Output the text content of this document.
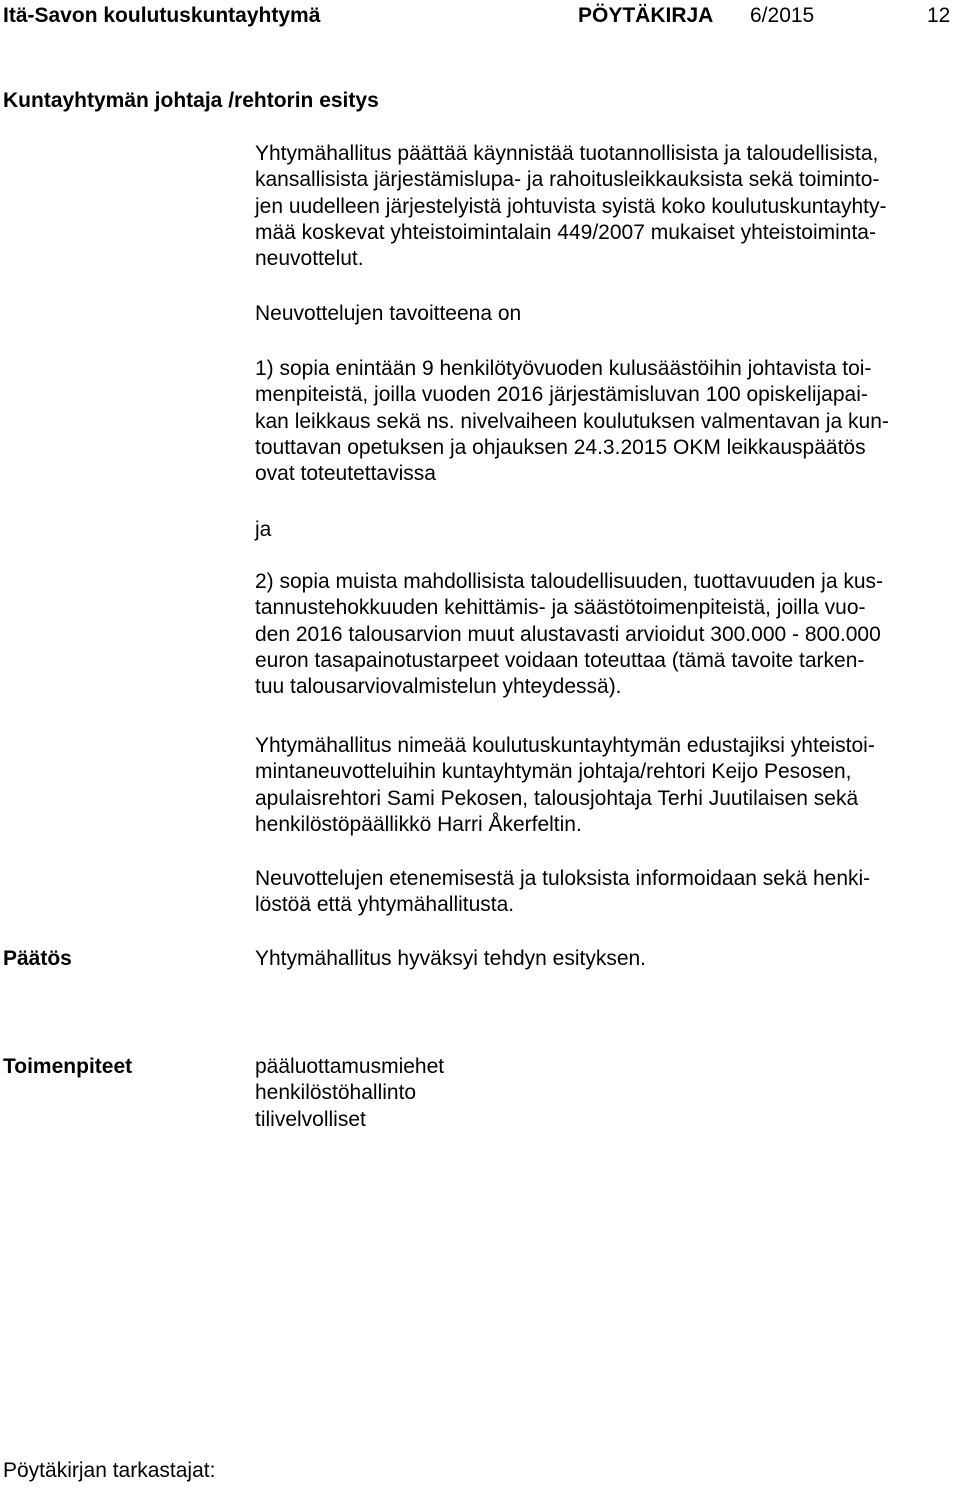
Itä-Savon koulutuskuntayhtymä	PÖYTÄKIRJA 6/2015	12
Kuntayhtymän johtaja /rehtorin esitys
Yhtymähallitus päättää käynnistää tuotannollisista ja taloudellisista,
kansallisista järjestämislupa- ja rahoitusleikkauksista sekä toiminto-
jen uudelleen järjestelyistä johtuvista syistä koko koulutuskuntayhty-
mää koskevat yhteistoimintalain 449/2007 mukaiset yhteistoiminta-
neuvottelut.
Neuvottelujen tavoitteena on
1) sopia enintään 9 henkilötyövuoden kulusäästöihin johtavista toi-
menpiteistä, joilla vuoden 2016 järjestämisluvan 100 opiskelijapai-
kan leikkaus sekä ns. nivelvaiheen koulutuksen valmentavan ja kun-
touttavan opetuksen ja ohjauksen 24.3.2015 OKM leikkauspäätös
ovat toteutettavissa
ja
2) sopia muista mahdollisista taloudellisuuden, tuottavuuden ja kus-
tannustehokkuuden kehittämis- ja säästötoimenpiteistä, joilla vuo-
den 2016 talousarvion muut alustavasti arvioidut 300.000 - 800.000
euron tasapainotustarpeet voidaan toteuttaa (tämä tavoite tarken-
tuu talousarviovalmistelun yhteydessä).
Yhtymähallitus nimeää koulutuskuntayhtymän edustajiksi yhteistoi-
mintaneuvotteluihin kuntayhtymän johtaja/rehtori Keijo Pesosen,
apulaisrehtori Sami Pekosen, talousjohtaja Terhi Juutilaisen sekä
henkilöstöpäällikkö Harri Åkerfeltin.
Neuvottelujen etenemisestä ja tuloksista informoidaan sekä henki-
löstöä että yhtymähallitusta.
Päätös	Yhtymähallitus hyväksyi tehdyn esityksen.
Toimenpiteet	pääluottamusmiehet
henkilöstöhallinto
tilivelvolliset
Pöytäkirjan tarkastajat:
